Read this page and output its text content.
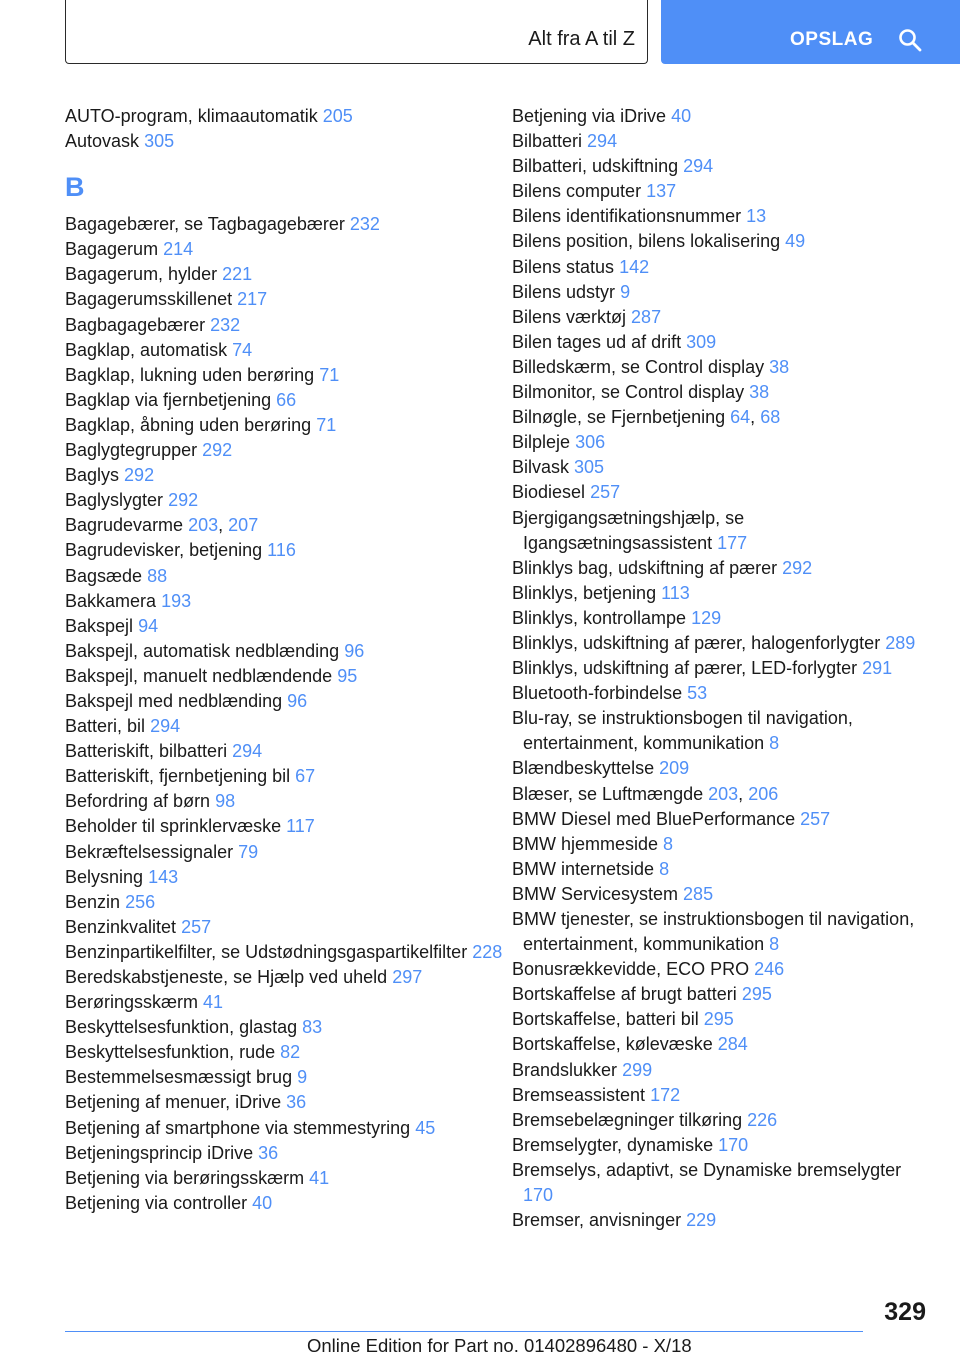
Alt fra A til Z	OPSLAG
AUTO-program, klimaautomatik 205
Autovask 305
B
Bagagebærer, se Tagbagagebærer 232
Bagagerum 214
Bagagerum, hylder 221
Bagagerumsskillenet 217
Bagbagagebærer 232
Bagklap, automatisk 74
Bagklap, lukning uden berøring 71
Bagklap via fjernbetjening 66
Bagklap, åbning uden berøring 71
Baglygtegrupper 292
Baglys 292
Baglyslygter 292
Bagrudevarme 203, 207
Bagrudevisker, betjening 116
Bagsæde 88
Bakkamera 193
Bakspejl 94
Bakspejl, automatisk nedblænding 96
Bakspejl, manuelt nedblændende 95
Bakspejl med nedblænding 96
Batteri, bil 294
Batteriskift, bilbatteri 294
Batteriskift, fjernbetjening bil 67
Befordring af børn 98
Beholder til sprinklervæske 117
Bekræftelsessignaler 79
Belysning 143
Benzin 256
Benzinkvalitet 257
Benzinpartikelfilter, se Udstødningsgaspartikelfilter 228
Beredskabstjeneste, se Hjælp ved uheld 297
Berøringsskærm 41
Beskyttelsesfunktion, glastag 83
Beskyttelsesfunktion, rude 82
Bestemmelsesmæssigt brug 9
Betjening af menuer, iDrive 36
Betjening af smartphone via stemmestyring 45
Betjeningsprincip iDrive 36
Betjening via berøringsskærm 41
Betjening via controller 40
Betjening via iDrive 40
Bilbatteri 294
Bilbatteri, udskiftning 294
Bilens computer 137
Bilens identifikationsnummer 13
Bilens position, bilens lokalisering 49
Bilens status 142
Bilens udstyr 9
Bilens værktøj 287
Bilen tages ud af drift 309
Billedskærm, se Control display 38
Bilmonitor, se Control display 38
Bilnøgle, se Fjernbetjening 64, 68
Bilpleje 306
Bilvask 305
Biodiesel 257
Bjergigangsætningshjælp, se Igangsætningsassistent 177
Blinklys bag, udskiftning af pærer 292
Blinklys, betjening 113
Blinklys, kontrollampe 129
Blinklys, udskiftning af pærer, halogenforlygter 289
Blinklys, udskiftning af pærer, LED-forlygter 291
Bluetooth-forbindelse 53
Blu-ray, se instruktionsbogen til navigation, entertainment, kommunikation 8
Blændbeskyttelse 209
Blæser, se Luftmængde 203, 206
BMW Diesel med BluePerformance 257
BMW hjemmeside 8
BMW internetside 8
BMW Servicesystem 285
BMW tjenester, se instruktionsbogen til navigation, entertainment, kommunikation 8
Bonusrækkevidde, ECO PRO 246
Bortskaffelse af brugt batteri 295
Bortskaffelse, batteri bil 295
Bortskaffelse, kølevæske 284
Brandslukker 299
Bremseassistent 172
Bremsebelægninger tilkøring 226
Bremselygter, dynamiske 170
Bremselys, adaptivt, se Dynamiske bremselygter 170
Bremser, anvisninger 229
329
Online Edition for Part no. 01402896480 - X/18
